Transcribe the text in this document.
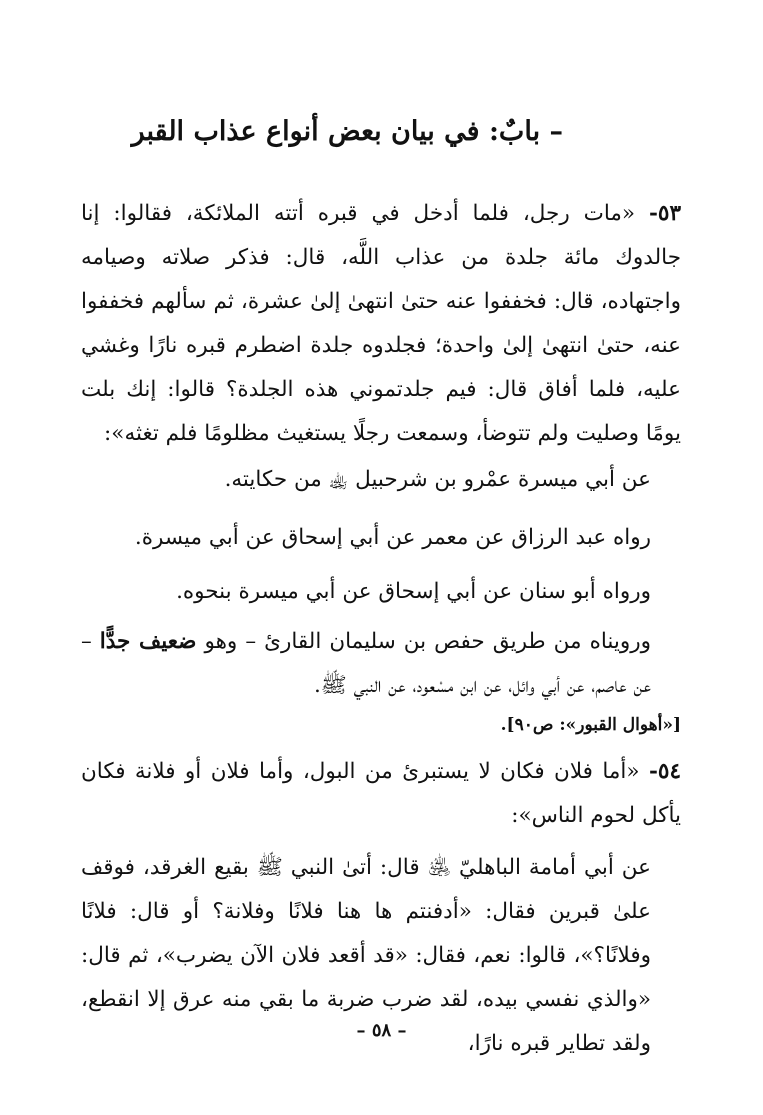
– بابٌ: في بيان بعض أنواع عذاب القبر

٥٣- «مات رجل، فلما أدخل في قبره أتته الملائكة، فقالوا: إنا جالدوك مائة جلدة من عذاب اللَّه، قال: فذكر صلاته وصيامه واجتهاده، قال: فخففوا عنه حتىٰ انتهىٰ إلىٰ عشرة، ثم سألهم فخففوا عنه، حتىٰ انتهىٰ إلىٰ واحدة؛ فجلدوه جلدة اضطرم قبره نارًا وغشي عليه، فلما أفاق قال: فيم جلدتموني هذه الجلدة؟ قالوا: إنك بلت يومًا وصليت ولم تتوضأ، وسمعت رجلًا يستغيث مظلومًا فلم تغثه»:

عن أبي ميسرة عمْرو بن شرحبيل ﵀ من حكايته.

رواه عبد الرزاق عن معمر عن أبي إسحاق عن أبي ميسرة.

ورواه أبو سنان عن أبي إسحاق عن أبي ميسرة بنحوه.

ورويناه من طريق حفص بن سليمان القارئ – وهو ضعيف جدًّا – عن عاصم، عن أبي وائل، عن ابن مسْعود، عن النبي ﷺ.

[«أهوال القبور»: ص٩٠].

٥٤- «أما فلان فكان لا يستبرئ من البول، وأما فلان أو فلانة فكان يأكل لحوم الناس»:

عن أبي أمامة الباهليّ ﵁ قال: أتىٰ النبي ﷺ بقيع الغرقد، فوقف علىٰ قبرين فقال: «أدفنتم ها هنا فلانًا وفلانة؟ أو قال: فلانًا وفلانًا؟»، قالوا: نعم، فقال: «قد أقعد فلان الآن يضرب»، ثم قال: «والذي نفسي بيده، لقد ضرب ضربة ما بقي منه عرق إلا انقطع، ولقد تطاير قبره نارًا،

– ٥٨ –
